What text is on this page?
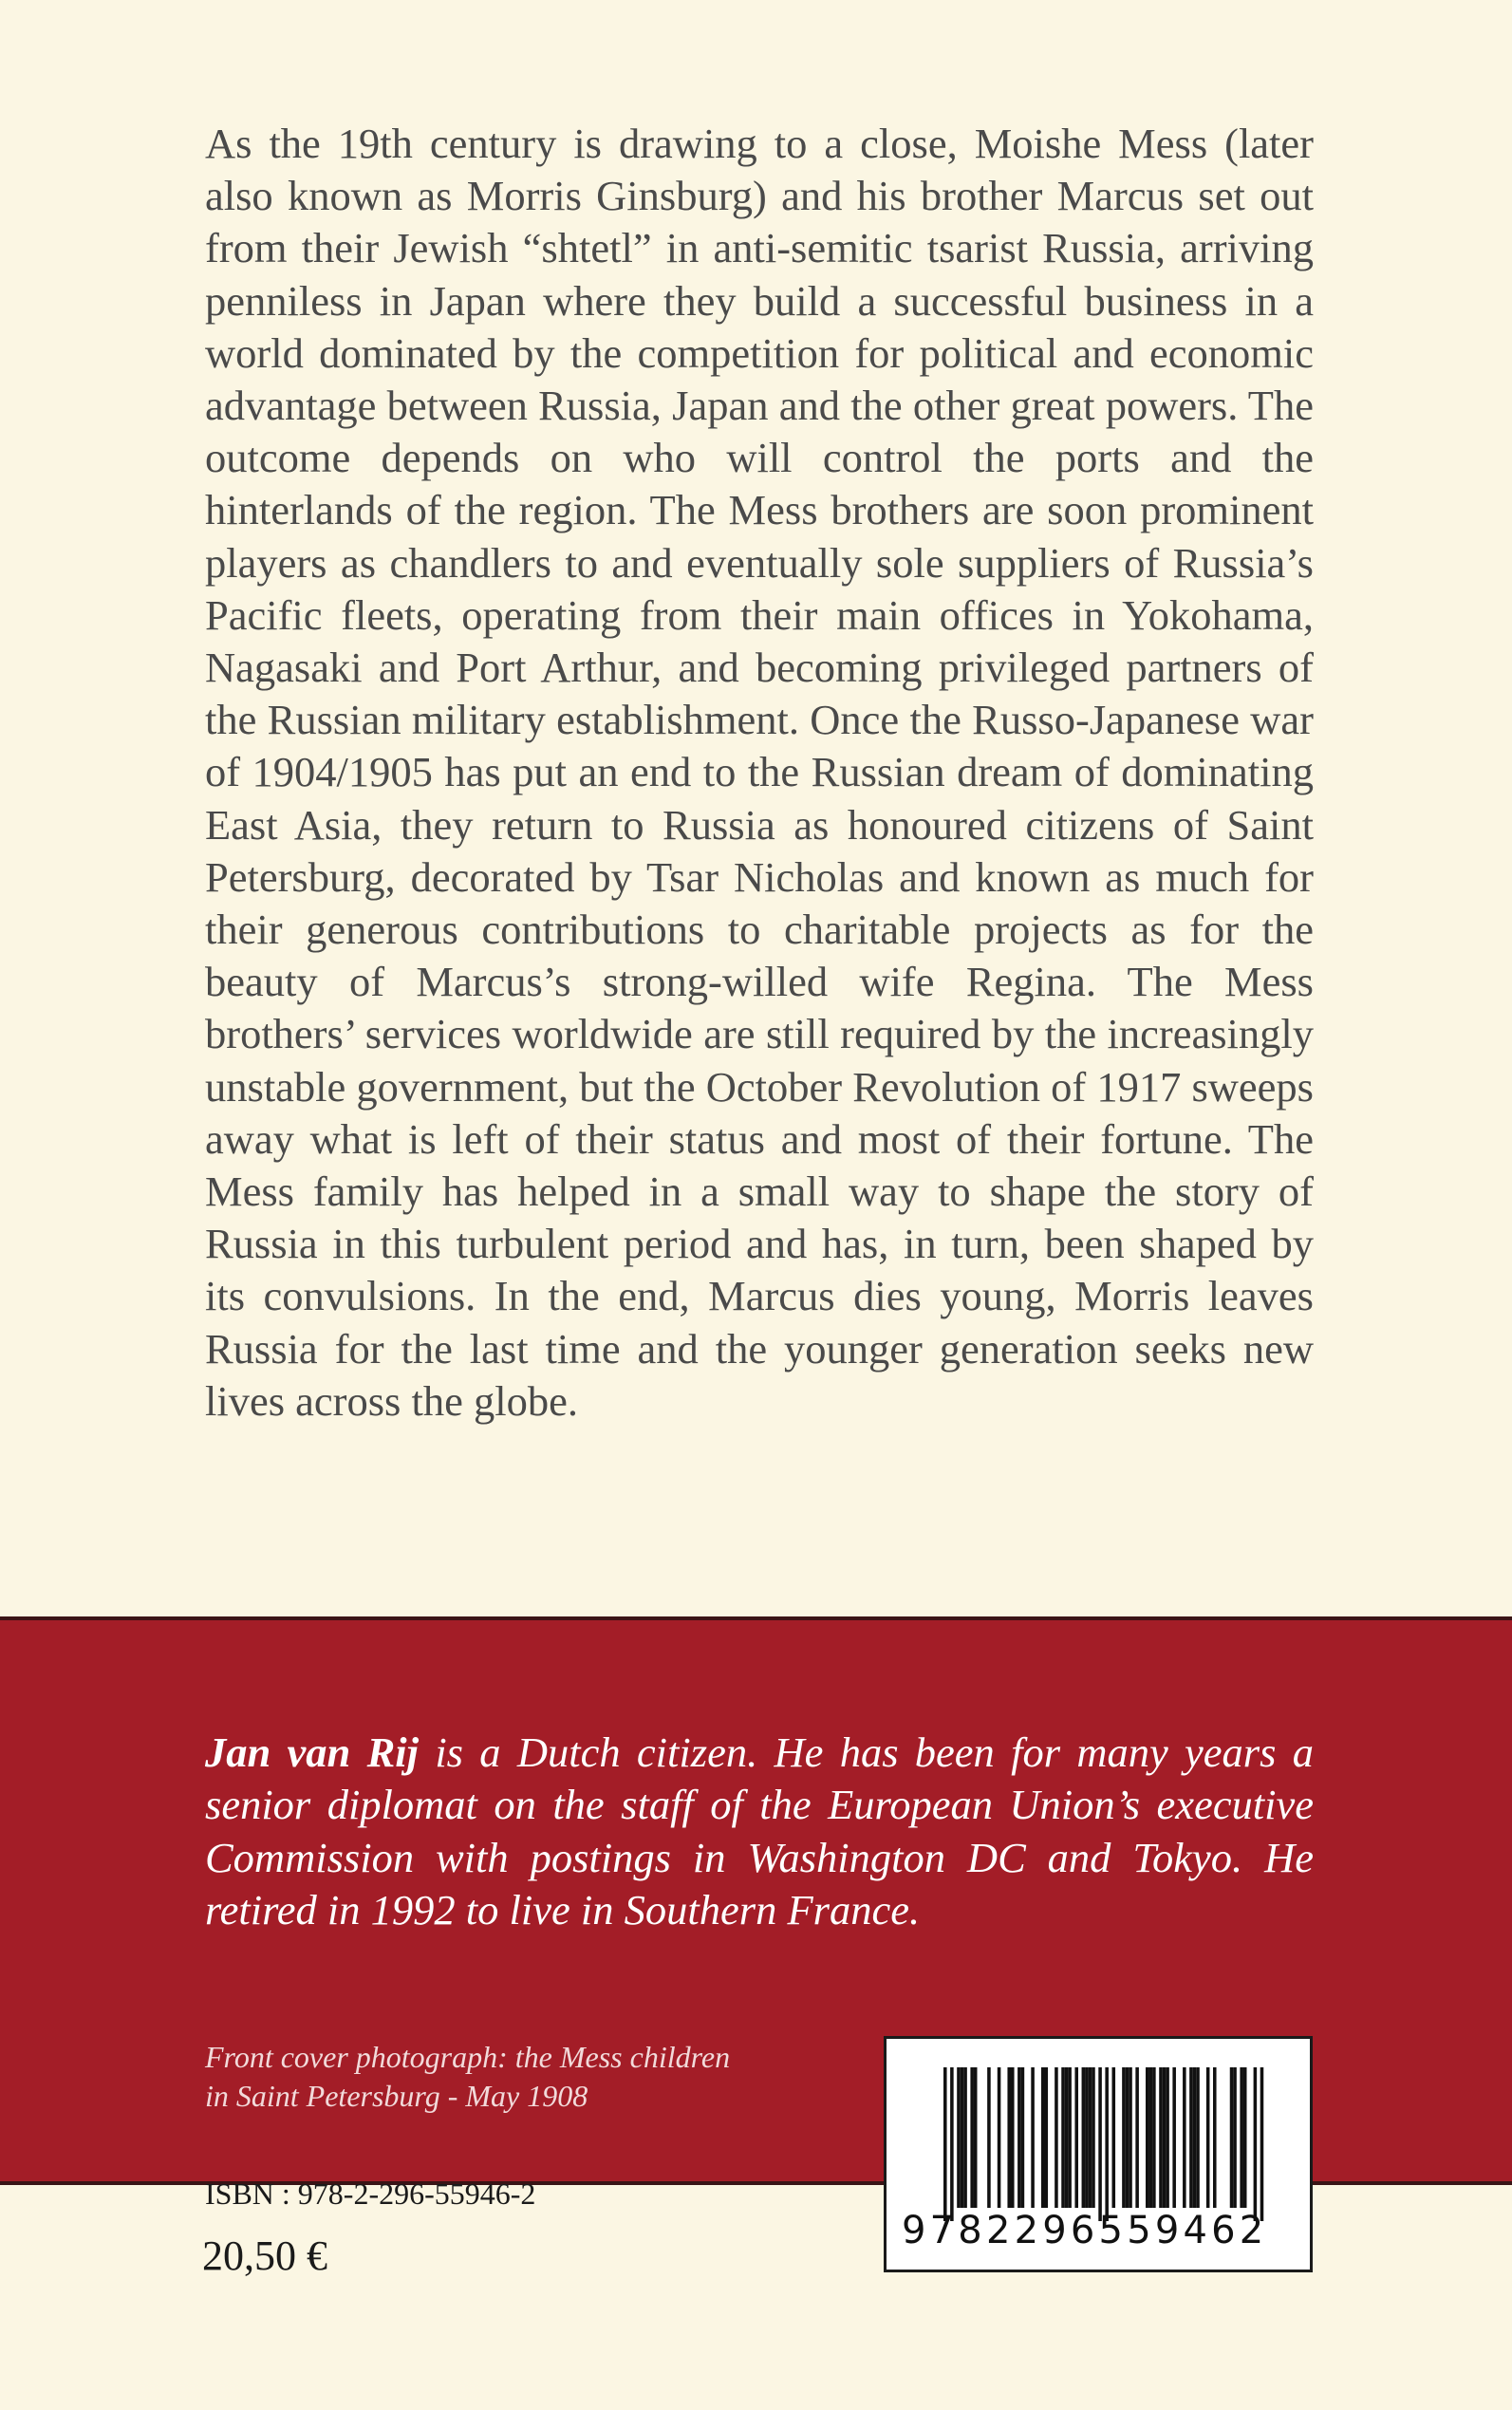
As the 19th century is drawing to a close, Moishe Mess (later also known as Morris Ginsburg) and his brother Marcus set out from their Jewish “shtetl” in anti-semitic tsarist Russia, arriving penniless in Japan where they build a successful business in a world dominated by the competition for political and economic advantage between Russia, Japan and the other great powers. The outcome depends on who will control the ports and the hinterlands of the region. The Mess brothers are soon prominent players as chandlers to and eventually sole suppliers of Russia’s Pacific fleets, operating from their main offices in Yokohama, Nagasaki and Port Arthur, and becoming privileged partners of the Russian military establishment. Once the Russo-Japanese war of 1904/1905 has put an end to the Russian dream of dominating East Asia, they return to Russia as honoured citizens of Saint Petersburg, decorated by Tsar Nicholas and known as much for their generous contributions to charitable projects as for the beauty of Marcus’s strong-willed wife Regina. The Mess brothers’ services worldwide are still required by the increasingly unstable government, but the October Revolution of 1917 sweeps away what is left of their status and most of their fortune. The Mess family has helped in a small way to shape the story of Russia in this turbulent period and has, in turn, been shaped by its convulsions. In the end, Marcus dies young, Morris leaves Russia for the last time and the younger generation seeks new lives across the globe.

Jan van Rij is a Dutch citizen. He has been for many years a senior diplomat on the staff of the European Union’s executive Commission with postings in Washington DC and Tokyo. He retired in 1992 to live in Southern France.

Front cover photograph: the Mess children
in Saint Petersburg - May 1908
ISBN : 978-2-296-55946-2
20,50 €
9782296559462
